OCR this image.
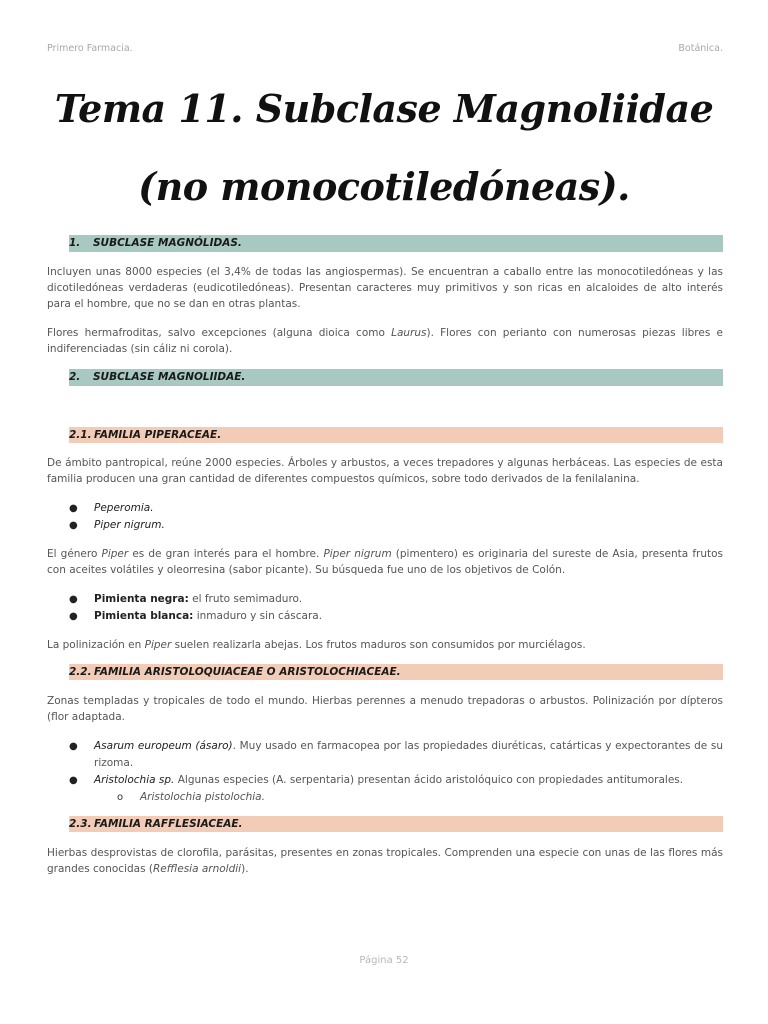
Primero Farmacia.	Botánica.
Tema 11. Subclase Magnoliidae
(no monocotiledóneas).
1. SUBCLASE MAGNÓLIDAS.

Incluyen unas 8000 especies (el 3,4% de todas las angiospermas). Se encuentran a caballo entre las monocotiledóneas y las dicotiledóneas verdaderas (eudicotiledóneas). Presentan caracteres muy primitivos y son ricas en alcaloides de alto interés para el hombre, que no se dan en otras plantas.

Flores hermafroditas, salvo excepciones (alguna dioica como Laurus). Flores con perianto con numerosas piezas libres e indiferenciadas (sin cáliz ni corola).

2. SUBCLASE MAGNOLIIDAE.
2.1. FAMILIA PIPERACEAE.

De ámbito pantropical, reúne 2000 especies. Árboles y arbustos, a veces trepadores y algunas herbáceas. Las especies de esta familia producen una gran cantidad de diferentes compuestos químicos, sobre todo derivados de la fenilalanina.

● Peperomia.
● Piper nigrum.

El género Piper es de gran interés para el hombre. Piper nigrum (pimentero) es originaria del sureste de Asia, presenta frutos con aceites volátiles y oleorresina (sabor picante). Su búsqueda fue uno de los objetivos de Colón.

● Pimienta negra: el fruto semimaduro.
● Pimienta blanca: inmaduro y sin cáscara.

La polinización en Piper suelen realizarla abejas. Los frutos maduros son consumidos por murciélagos.

2.2. FAMILIA ARISTOLOQUIACEAE O ARISTOLOCHIACEAE.

Zonas templadas y tropicales de todo el mundo. Hierbas perennes a menudo trepadoras o arbustos. Polinización por dípteros (flor adaptada.

● Asarum europeum (ásaro). Muy usado en farmacopea por las propiedades diuréticas, catárticas y expectorantes de su rizoma.
● Aristolochia sp. Algunas especies (A. serpentaria) presentan ácido aristolóquico con propiedades antitumorales.
o Aristolochia pistolochia.
2.3. FAMILIA RAFFLESIACEAE.

Hierbas desprovistas de clorofila, parásitas, presentes en zonas tropicales. Comprenden una especie con unas de las flores más grandes conocidas (Refflesia arnoldii).

Página 52
